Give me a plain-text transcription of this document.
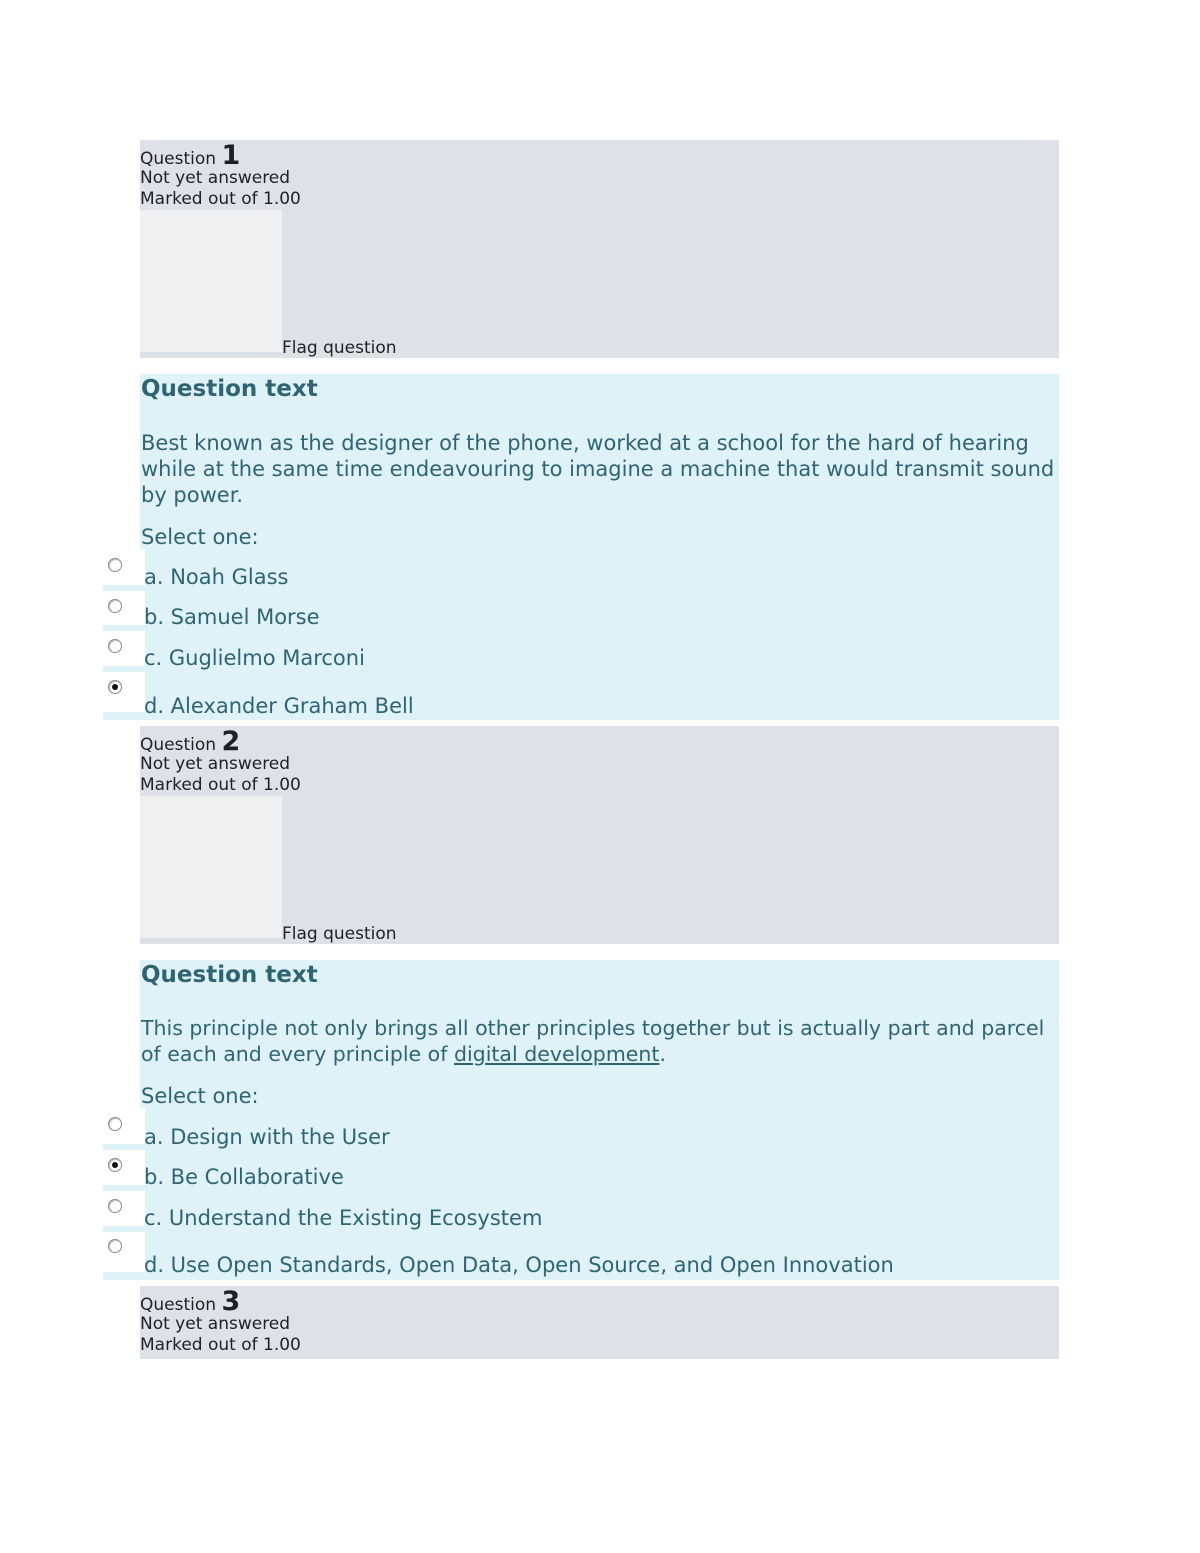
Question 1
Not yet answered
Marked out of 1.00
Flag question
Question text
Best known as the designer of the phone, worked at a school for the hard of hearing while at the same time endeavouring to imagine a machine that would transmit sound by power.
Select one:
a. Noah Glass
b. Samuel Morse
c. Guglielmo Marconi
d. Alexander Graham Bell
Question 2
Not yet answered
Marked out of 1.00
Flag question
Question text
This principle not only brings all other principles together but is actually part and parcel of each and every principle of digital development.
Select one:
a. Design with the User
b. Be Collaborative
c. Understand the Existing Ecosystem
d. Use Open Standards, Open Data, Open Source, and Open Innovation
Question 3
Not yet answered
Marked out of 1.00
